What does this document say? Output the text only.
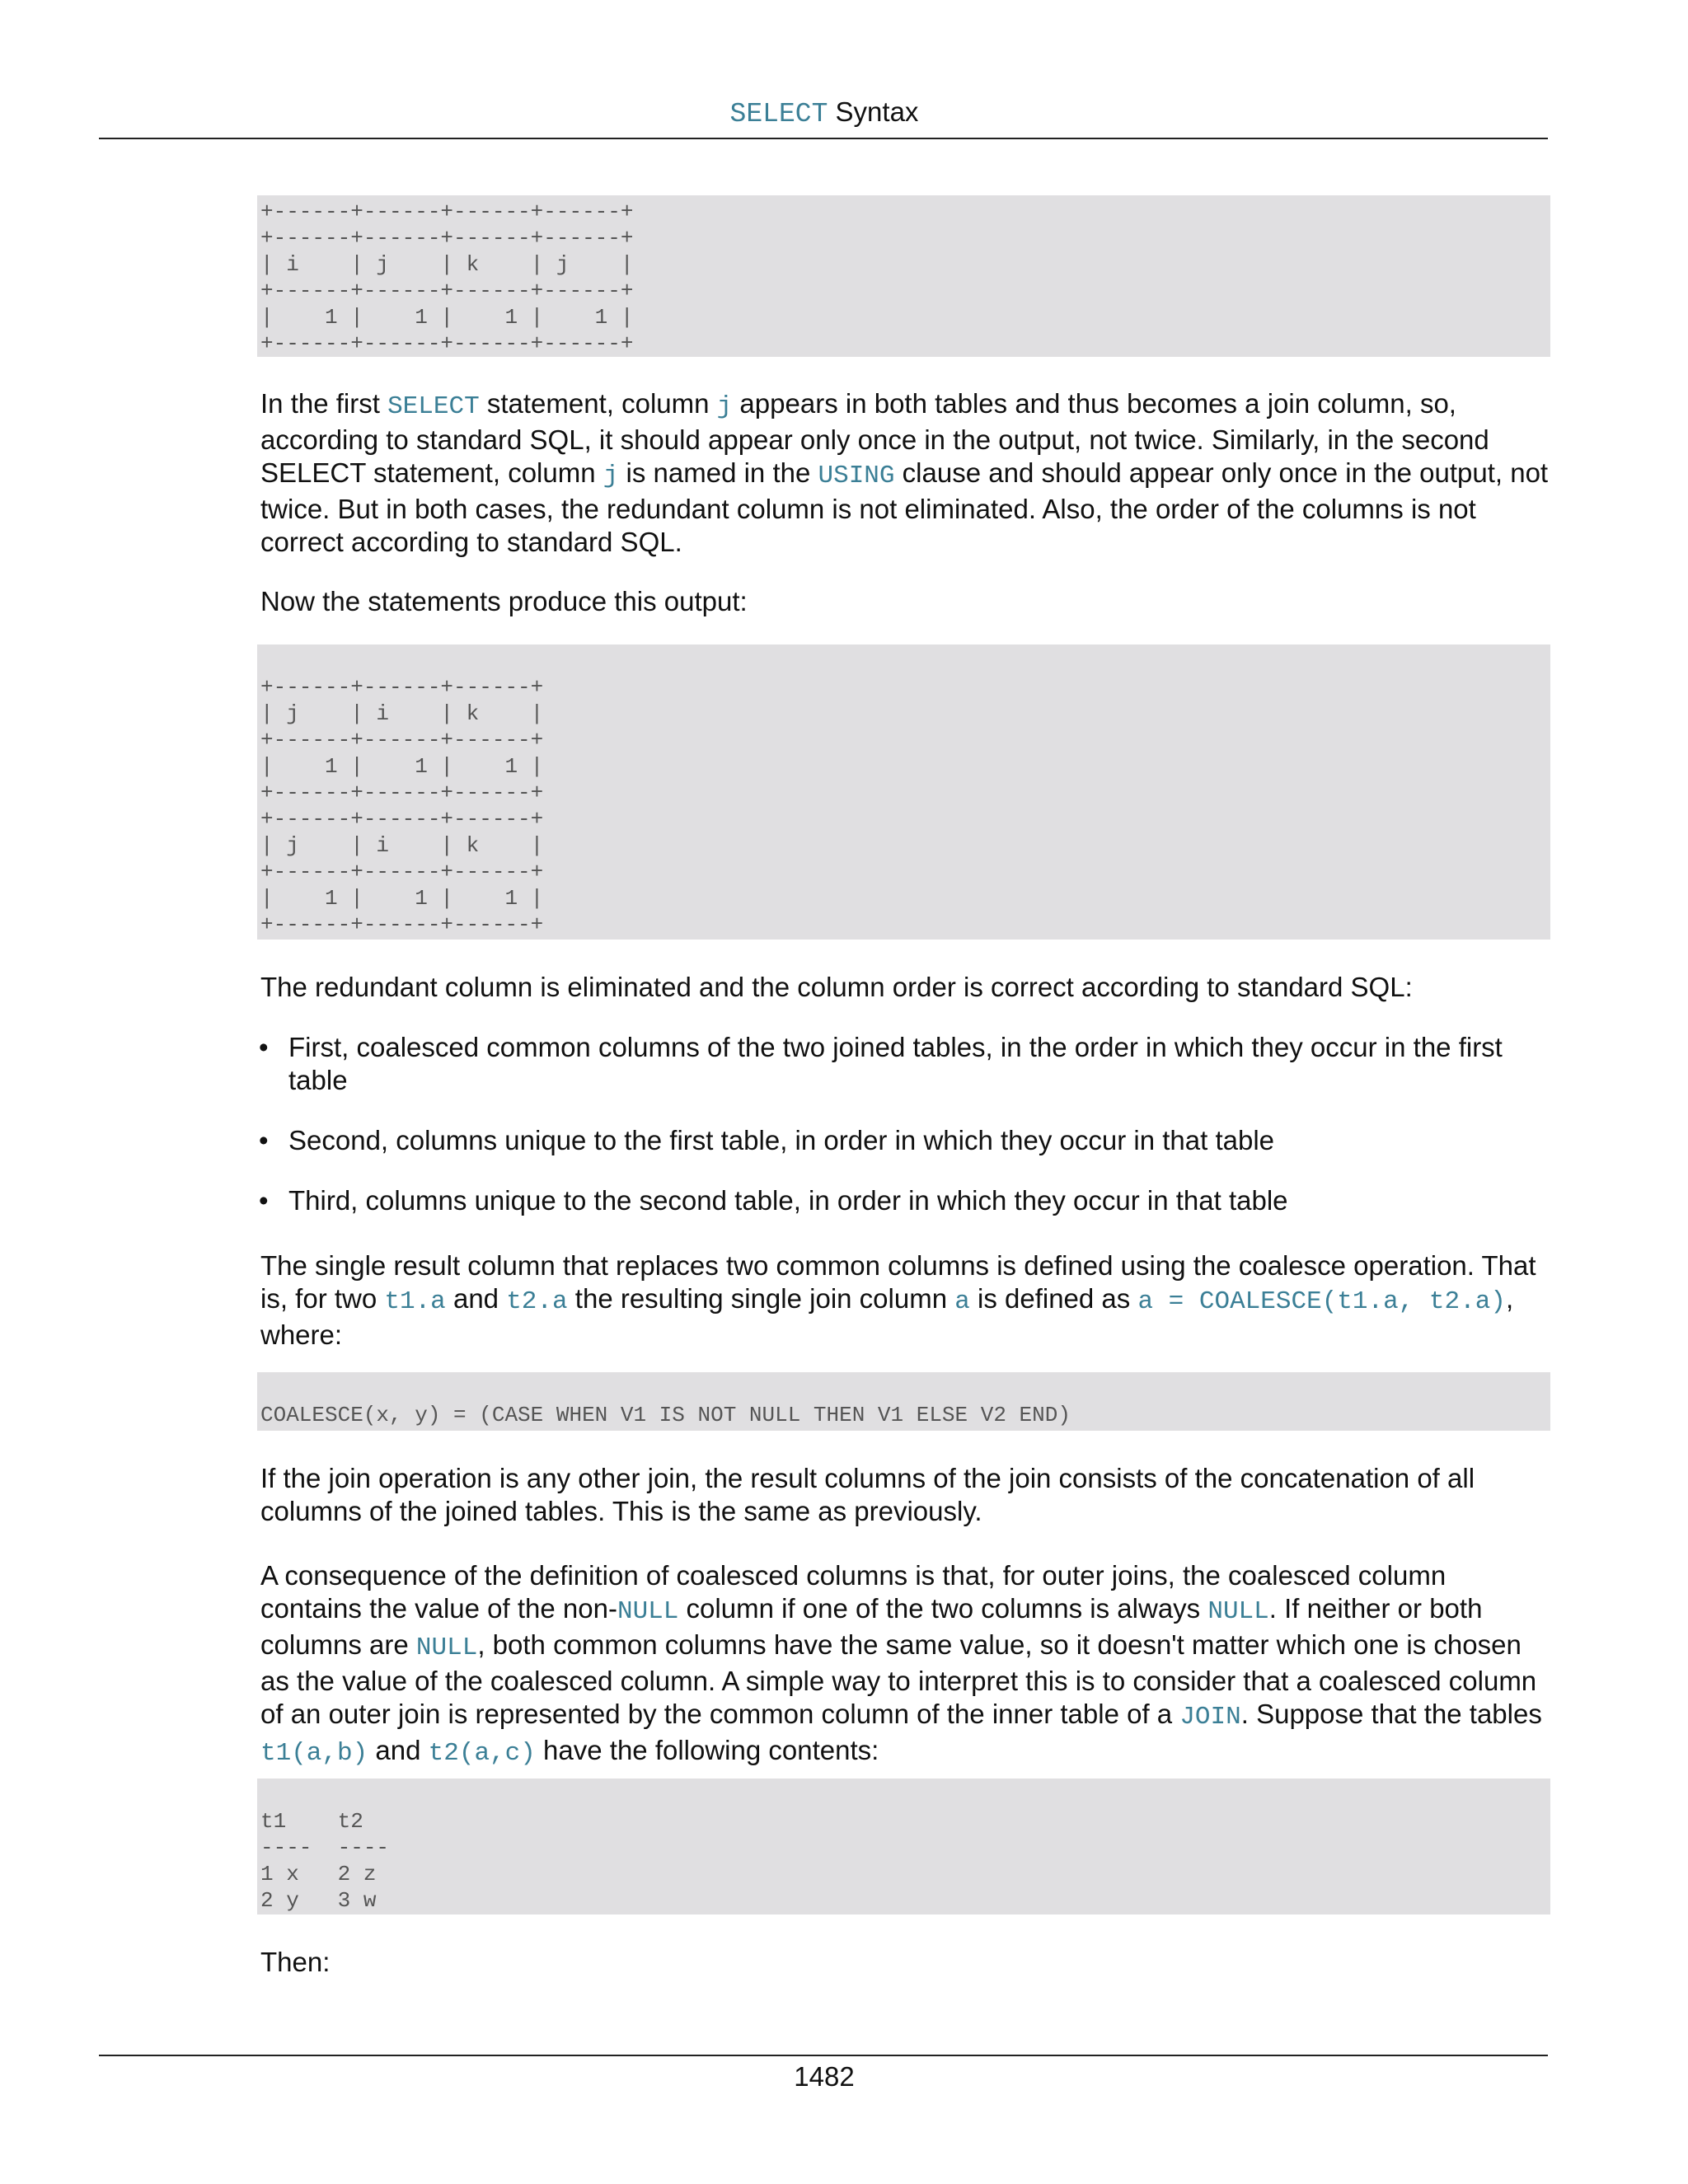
SELECT Syntax
+------+------+------+------+
+------+------+------+------+
| i    | j    | k    | j    |
+------+------+------+------+
|    1 |    1 |    1 |    1 |
+------+------+------+------+
In the first SELECT statement, column j appears in both tables and thus becomes a join column, so, according to standard SQL, it should appear only once in the output, not twice. Similarly, in the second SELECT statement, column j is named in the USING clause and should appear only once in the output, not twice. But in both cases, the redundant column is not eliminated. Also, the order of the columns is not correct according to standard SQL.
Now the statements produce this output:

+------+------+------+
| j    | i    | k    |
+------+------+------+
|    1 |    1 |    1 |
+------+------+------+
+------+------+------+
| j    | i    | k    |
+------+------+------+
|    1 |    1 |    1 |
+------+------+------+
The redundant column is eliminated and the column order is correct according to standard SQL:
• First, coalesced common columns of the two joined tables, in the order in which they occur in the first table
• Second, columns unique to the first table, in order in which they occur in that table
• Third, columns unique to the second table, in order in which they occur in that table
The single result column that replaces two common columns is defined using the coalesce operation. That is, for two t1.a and t2.a the resulting single join column a is defined as a = COALESCE(t1.a, t2.a), where:

COALESCE(x, y) = (CASE WHEN V1 IS NOT NULL THEN V1 ELSE V2 END)
If the join operation is any other join, the result columns of the join consists of the concatenation of all columns of the joined tables. This is the same as previously.
A consequence of the definition of coalesced columns is that, for outer joins, the coalesced column contains the value of the non-NULL column if one of the two columns is always NULL. If neither or both columns are NULL, both common columns have the same value, so it doesn't matter which one is chosen as the value of the coalesced column. A simple way to interpret this is to consider that a coalesced column of an outer join is represented by the common column of the inner table of a JOIN. Suppose that the tables t1(a,b) and t2(a,c) have the following contents:

t1    t2
----  ----
1 x   2 z
2 y   3 w
Then:
1482
